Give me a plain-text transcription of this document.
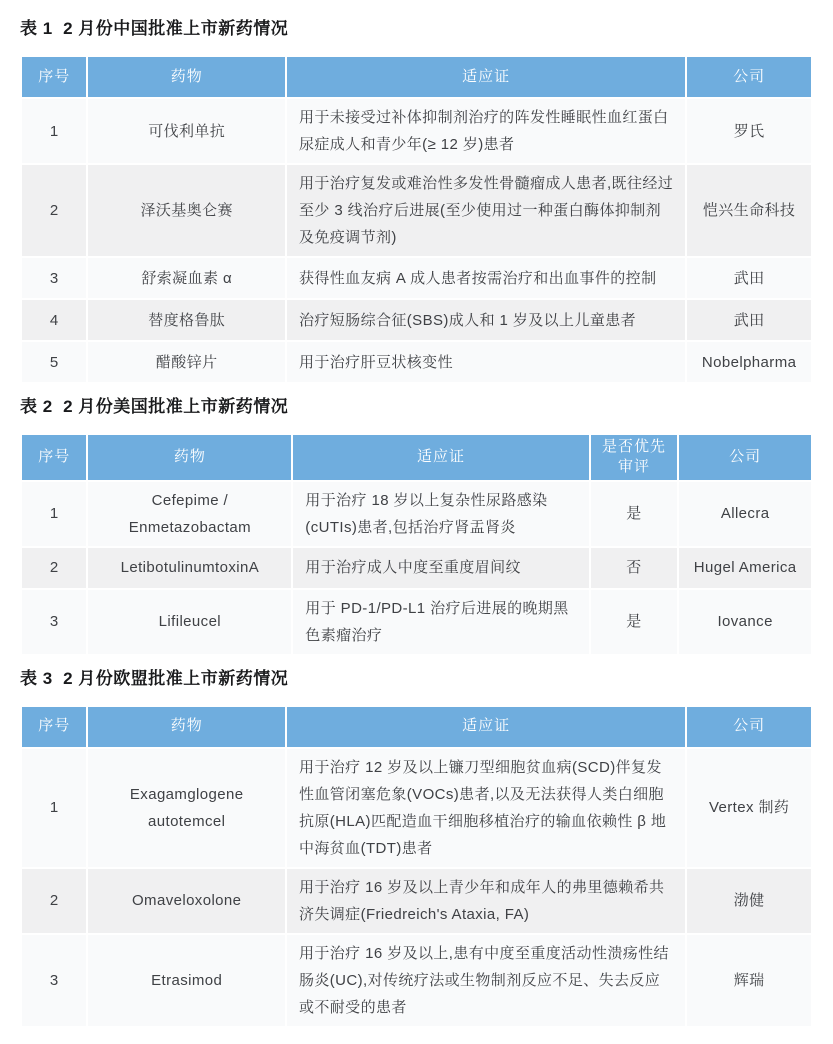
表 1  2 月份中国批准上市新药情况
序号	药物	适应证	公司
1	可伐利单抗	用于未接受过补体抑制剂治疗的阵发性睡眠性血红蛋白尿症成人和青少年(≥ 12 岁)患者	罗氏
2	泽沃基奥仑赛	用于治疗复发或难治性多发性骨髓瘤成人患者,既往经过至少 3 线治疗后进展(至少使用过一种蛋白酶体抑制剂及免疫调节剂)	恺兴生命科技
3	舒索凝血素 α	获得性血友病 A 成人患者按需治疗和出血事件的控制	武田
4	替度格鲁肽	治疗短肠综合征(SBS)成人和 1 岁及以上儿童患者	武田
5	醋酸锌片	用于治疗肝豆状核变性	Nobelpharma
表 2  2 月份美国批准上市新药情况
序号	药物	适应证	是否优先审评	公司
1	Cefepime / Enmetazobactam	用于治疗 18 岁以上复杂性尿路感染(cUTIs)患者,包括治疗肾盂肾炎	是	Allecra
2	LetibotulinumtoxinA	用于治疗成人中度至重度眉间纹	否	Hugel America
3	Lifileucel	用于 PD-1/PD-L1 治疗后进展的晚期黑色素瘤治疗	是	Iovance
表 3  2 月份欧盟批准上市新药情况
序号	药物	适应证	公司
1	Exagamglogene autotemcel	用于治疗 12 岁及以上镰刀型细胞贫血病(SCD)伴复发性血管闭塞危象(VOCs)患者,以及无法获得人类白细胞抗原(HLA)匹配造血干细胞移植治疗的输血依赖性 β 地中海贫血(TDT)患者	Vertex 制药
2	Omaveloxolone	用于治疗 16 岁及以上青少年和成年人的弗里德赖希共济失调症(Friedreich's Ataxia, FA)	渤健
3	Etrasimod	用于治疗 16 岁及以上,患有中度至重度活动性溃疡性结肠炎(UC),对传统疗法或生物制剂反应不足、失去反应或不耐受的患者	辉瑞
